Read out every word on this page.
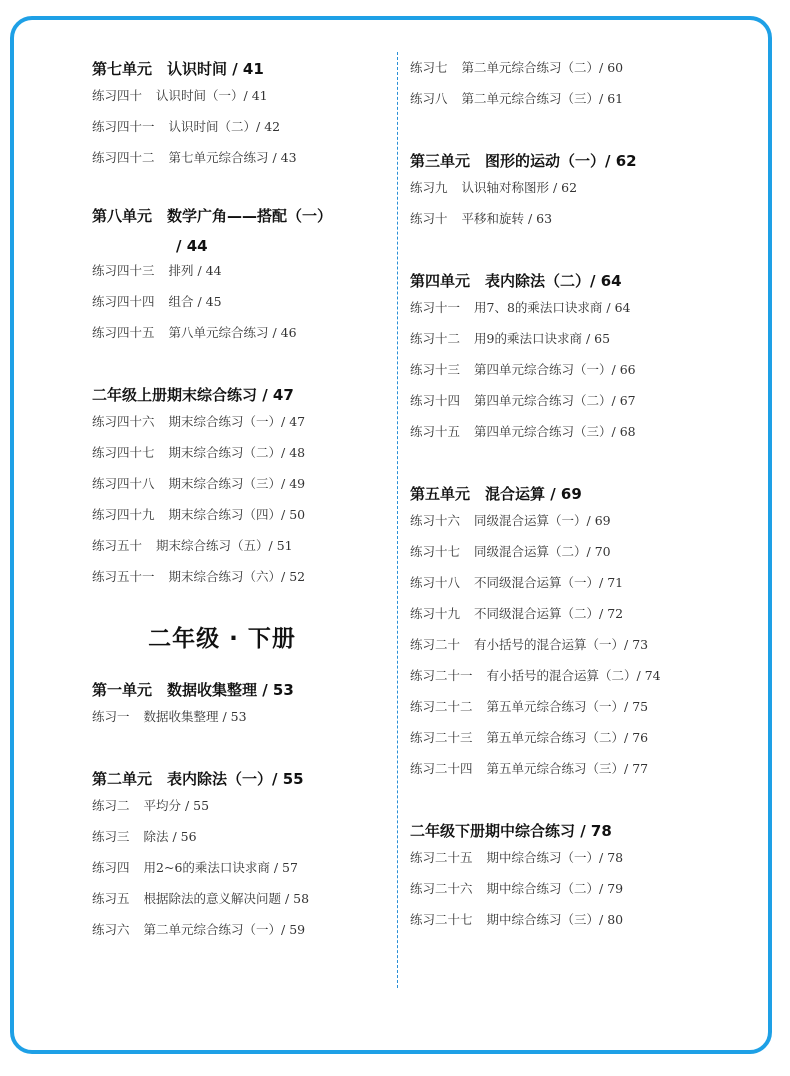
第七单元　认识时间 / 41
练习四十 认识时间（一）/ 41
练习四十一 认识时间（二）/ 42
练习四十二 第七单元综合练习 / 43
第八单元　数学广角——搭配（一）
/ 44
练习四十三 排列 / 44
练习四十四 组合 / 45
练习四十五 第八单元综合练习 / 46
二年级上册期末综合练习 / 47
练习四十六 期末综合练习（一）/ 47
练习四十七 期末综合练习（二）/ 48
练习四十八 期末综合练习（三）/ 49
练习四十九 期末综合练习（四）/ 50
练习五十 期末综合练习（五）/ 51
练习五十一 期末综合练习（六）/ 52
二年级 · 下册
第一单元　数据收集整理 / 53
练习一 数据收集整理 / 53
第二单元　表内除法（一）/ 55
练习二 平均分 / 55
练习三 除法 / 56
练习四 用2~6的乘法口诀求商 / 57
练习五 根据除法的意义解决问题 / 58
练习六 第二单元综合练习（一）/ 59
练习七 第二单元综合练习（二）/ 60
练习八 第二单元综合练习（三）/ 61
第三单元　图形的运动（一）/ 62
练习九 认识轴对称图形 / 62
练习十 平移和旋转 / 63
第四单元　表内除法（二）/ 64
练习十一 用7、8的乘法口诀求商 / 64
练习十二 用9的乘法口诀求商 / 65
练习十三 第四单元综合练习（一）/ 66
练习十四 第四单元综合练习（二）/ 67
练习十五 第四单元综合练习（三）/ 68
第五单元　混合运算 / 69
练习十六 同级混合运算（一）/ 69
练习十七 同级混合运算（二）/ 70
练习十八 不同级混合运算（一）/ 71
练习十九 不同级混合运算（二）/ 72
练习二十 有小括号的混合运算（一）/ 73
练习二十一 有小括号的混合运算（二）/ 74
练习二十二 第五单元综合练习（一）/ 75
练习二十三 第五单元综合练习（二）/ 76
练习二十四 第五单元综合练习（三）/ 77
二年级下册期中综合练习 / 78
练习二十五 期中综合练习（一）/ 78
练习二十六 期中综合练习（二）/ 79
练习二十七 期中综合练习（三）/ 80
